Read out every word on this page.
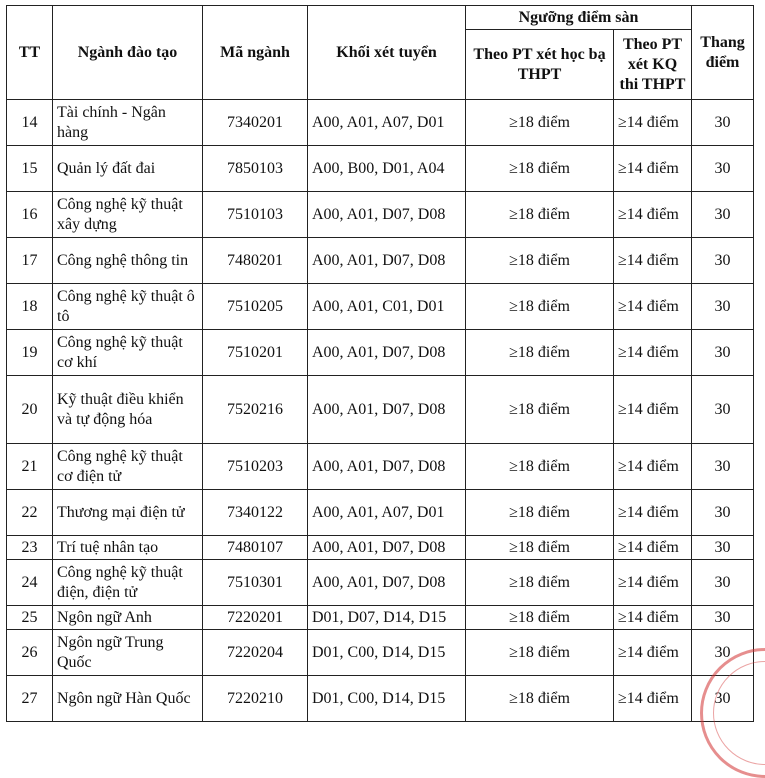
TT	Ngành đào tạo	Mã ngành	Khối xét tuyển	Ngưỡng điểm sàn		Thang điểm
				Theo PT xét học bạ THPT	Theo PT xét KQ thi THPT	
14	Tài chính - Ngân hàng	7340201	A00, A01, A07, D01	≥18 điểm	≥14 điểm	30
15	Quản lý đất đai	7850103	A00, B00, D01, A04	≥18 điểm	≥14 điểm	30
16	Công nghệ kỹ thuật xây dựng	7510103	A00, A01, D07, D08	≥18 điểm	≥14 điểm	30
17	Công nghệ thông tin	7480201	A00, A01, D07, D08	≥18 điểm	≥14 điểm	30
18	Công nghệ kỹ thuật ô tô	7510205	A00, A01, C01, D01	≥18 điểm	≥14 điểm	30
19	Công nghệ kỹ thuật cơ khí	7510201	A00, A01, D07, D08	≥18 điểm	≥14 điểm	30
20	Kỹ thuật điều khiển và tự động hóa	7520216	A00, A01, D07, D08	≥18 điểm	≥14 điểm	30
21	Công nghệ kỹ thuật cơ điện tử	7510203	A00, A01, D07, D08	≥18 điểm	≥14 điểm	30
22	Thương mại điện tử	7340122	A00, A01, A07, D01	≥18 điểm	≥14 điểm	30
23	Trí tuệ nhân tạo	7480107	A00, A01, D07, D08	≥18 điểm	≥14 điểm	30
24	Công nghệ kỹ thuật điện, điện tử	7510301	A00, A01, D07, D08	≥18 điểm	≥14 điểm	30
25	Ngôn ngữ Anh	7220201	D01, D07, D14, D15	≥18 điểm	≥14 điểm	30
26	Ngôn ngữ Trung Quốc	7220204	D01, C00, D14, D15	≥18 điểm	≥14 điểm	30
27	Ngôn ngữ Hàn Quốc	7220210	D01, C00, D14, D15	≥18 điểm	≥14 điểm	30
